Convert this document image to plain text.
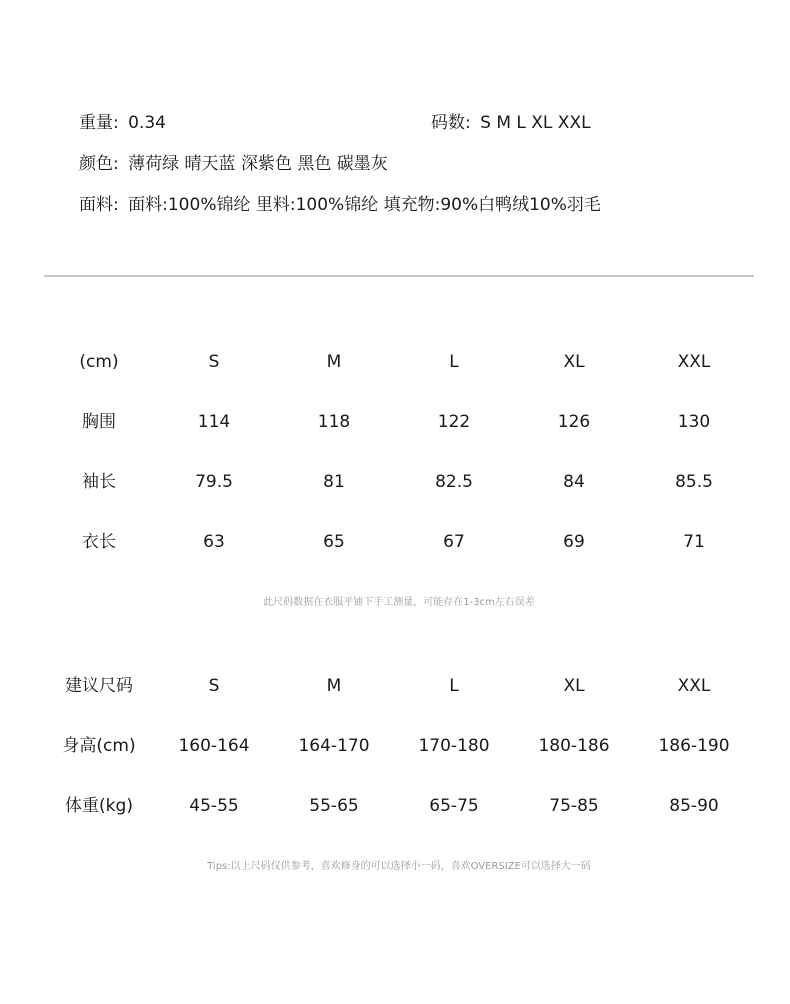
重量: 0.34	码数: S M L XL XXL
颜色: 薄荷绿 晴天蓝 深紫色 黑色 碳墨灰
面料: 面料:100%锦纶 里料:100%锦纶 填充物:90%白鸭绒10%羽毛
(cm)	S	M	L	XL	XXL
胸围	114	118	122	126	130
袖长	79.5	81	82.5	84	85.5
衣长	63	65	67	69	71
此尺码数据在衣服平铺下手工测量，可能存在1-3cm左右误差
建议尺码	S	M	L	XL	XXL
身高(cm)	160-164	164-170	170-180	180-186	186-190
体重(kg)	45-55	55-65	65-75	75-85	85-90
Tips:以上尺码仅供参考，喜欢修身的可以选择小一码，喜欢OVERSIZE可以选择大一码
